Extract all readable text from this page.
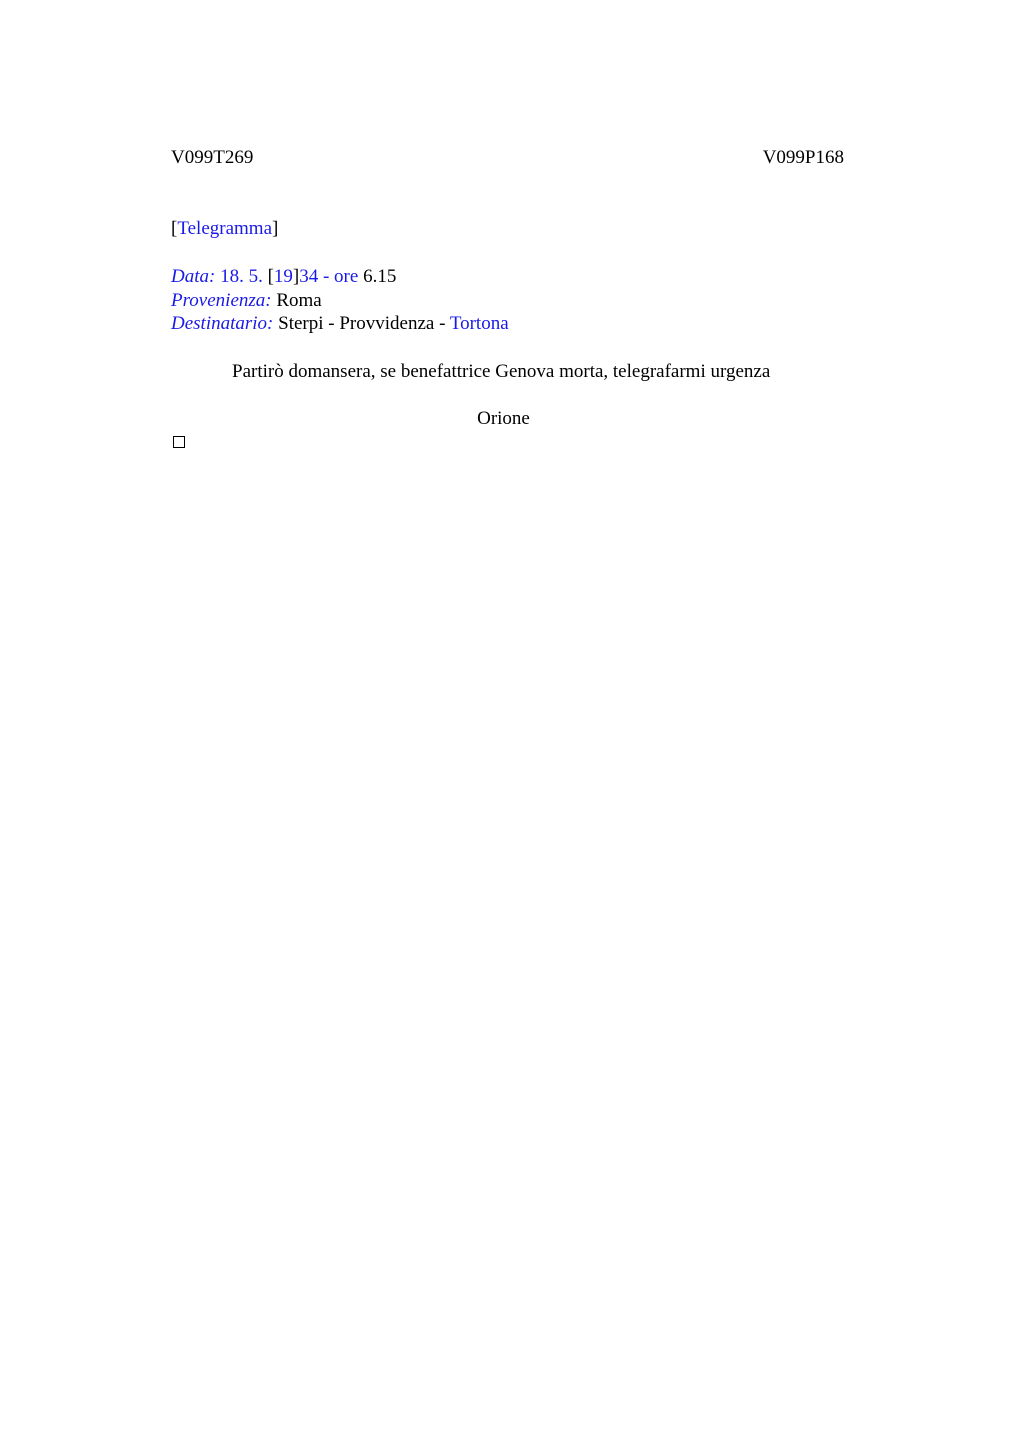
V099T269	V099P168
[Telegramma]
Data: 18. 5. [19]34 - ore 6.15
Provenienza: Roma
Destinatario: Sterpi - Provvidenza - Tortona
Partirò domansera, se benefattrice Genova morta, telegrafarmi urgenza
Orione
